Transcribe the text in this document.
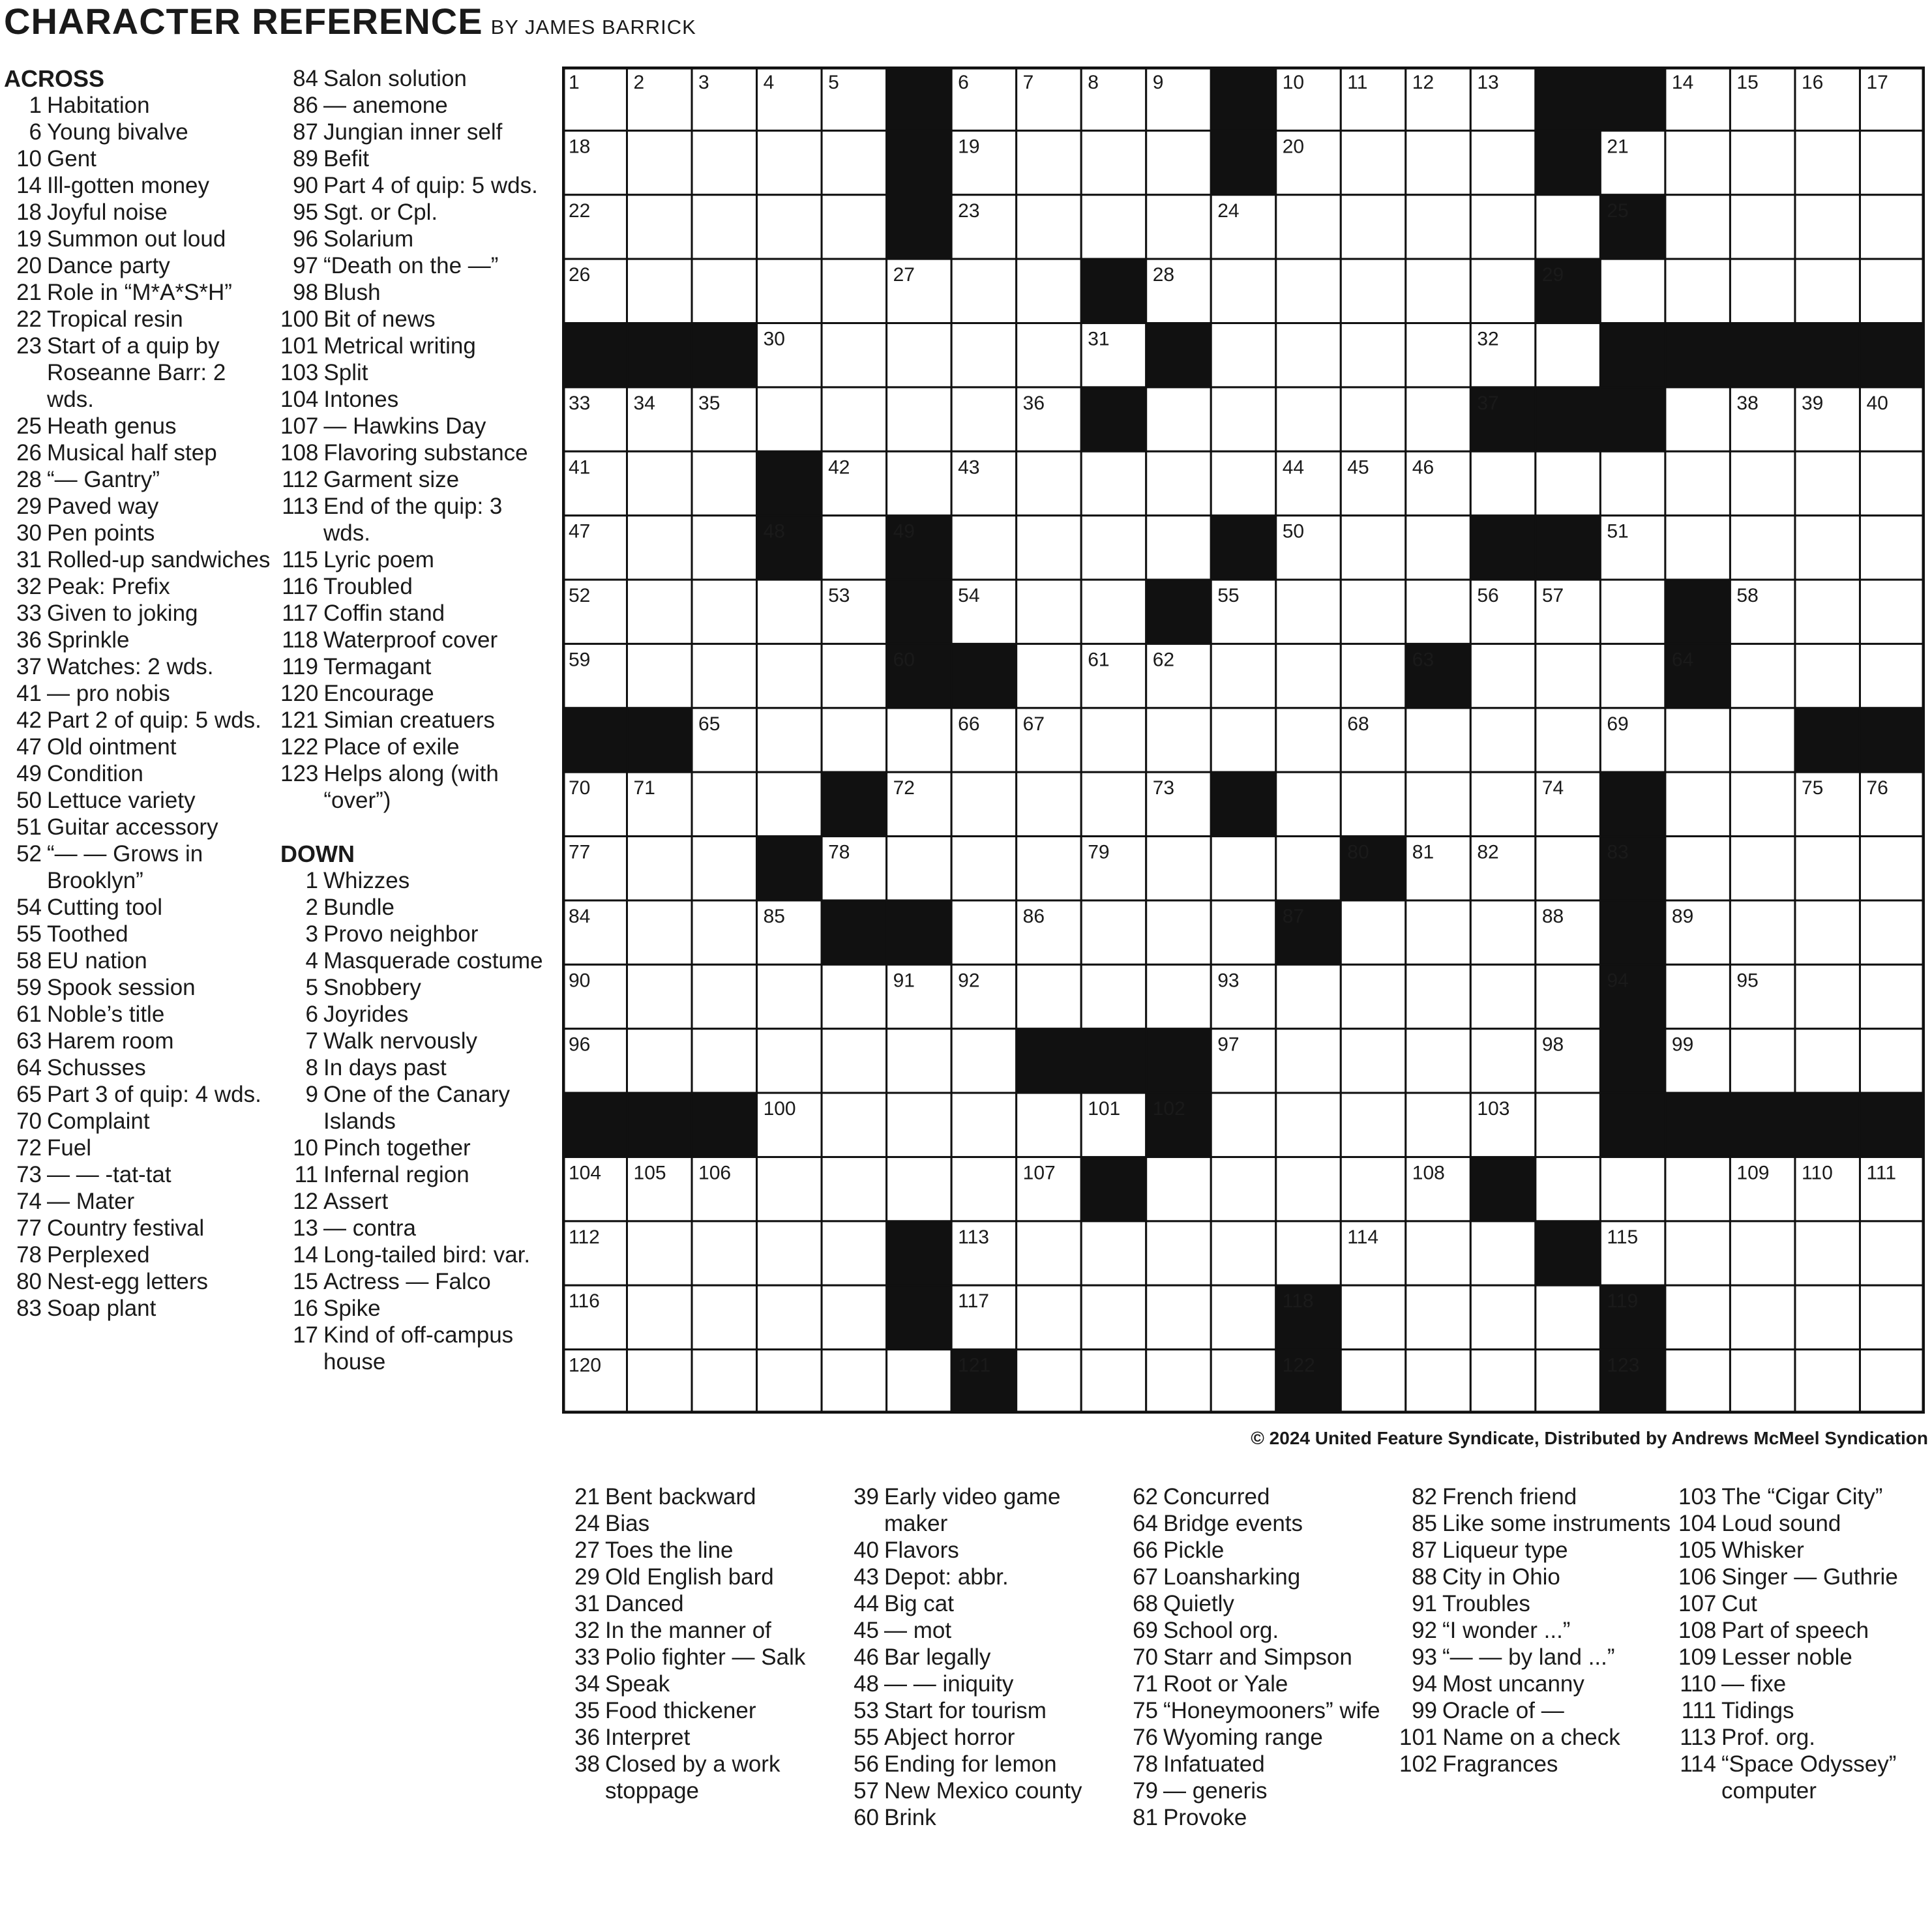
CHARACTER REFERENCE BY JAMES BARRICK
ACROSS
1 Habitation
6 Young bivalve
10 Gent
14 Ill-gotten money
18 Joyful noise
19 Summon out loud
20 Dance party
21 Role in “M*A*S*H”
22 Tropical resin
23 Start of a quip by Roseanne Barr: 2 wds.
25 Heath genus
26 Musical half step
28 “— Gantry”
29 Paved way
30 Pen points
31 Rolled-up sandwiches
32 Peak: Prefix
33 Given to joking
36 Sprinkle
37 Watches: 2 wds.
41 — pro nobis
42 Part 2 of quip: 5 wds.
47 Old ointment
49 Condition
50 Lettuce variety
51 Guitar accessory
52 “— — Grows in Brooklyn”
54 Cutting tool
55 Toothed
58 EU nation
59 Spook session
61 Noble’s title
63 Harem room
64 Schusses
65 Part 3 of quip: 4 wds.
70 Complaint
72 Fuel
73 — — -tat-tat
74 — Mater
77 Country festival
78 Perplexed
80 Nest-egg letters
83 Soap plant
84 Salon solution
86 — anemone
87 Jungian inner self
89 Befit
90 Part 4 of quip: 5 wds.
95 Sgt. or Cpl.
96 Solarium
97 “Death on the —”
98 Blush
100 Bit of news
101 Metrical writing
103 Split
104 Intones
107 — Hawkins Day
108 Flavoring substance
112 Garment size
113 End of the quip: 3 wds.
115 Lyric poem
116 Troubled
117 Coffin stand
118 Waterproof cover
119 Termagant
120 Encourage
121 Simian creatuers
122 Place of exile
123 Helps along (with “over”)
DOWN
1 Whizzes
2 Bundle
3 Provo neighbor
4 Masquerade costume
5 Snobbery
6 Joyrides
7 Walk nervously
8 In days past
9 One of the Canary Islands
10 Pinch together
11 Infernal region
12 Assert
13 — contra
14 Long-tailed bird: var.
15 Actress — Falco
16 Spike
17 Kind of off-campus house
1	2	3	4	5	6	7	8	9	10 11 12 13	14 15 16 17
18	19	20	21
22	23	24	25
26	27	28	29
30	31	32
33 34 35	36	37	38 39 40
41	42	43	44 45 46
47	48	49	50	51
52	53	54	55	56 57	58
59	60	61 62	63	64
65	66 67	68	69
70 71	72	73	74	75 76
77	78	79	80 81 82	83
84	85	86	87	88	89
90	91 92	93	94	95
96	97	98	99
100	101 102	103
104 105 106	107	108	109 110 111
112	113	114	115
116	117	118	119
120	121	122	123
© 2024 United Feature Syndicate, Distributed by Andrews McMeel Syndication
21 Bent backward
24 Bias
27 Toes the line
29 Old English bard
31 Danced
32 In the manner of
33 Polio fighter — Salk
34 Speak
35 Food thickener
36 Interpret
38 Closed by a work stoppage
39 Early video game maker
40 Flavors
43 Depot: abbr.
44 Big cat
45 — mot
46 Bar legally
48 — — iniquity
53 Start for tourism
55 Abject horror
56 Ending for lemon
57 New Mexico county
60 Brink
62 Concurred
64 Bridge events
66 Pickle
67 Loansharking
68 Quietly
69 School org.
70 Starr and Simpson
71 Root or Yale
75 “Honeymooners” wife
76 Wyoming range
78 Infatuated
79 — generis
81 Provoke
82 French friend
85 Like some instruments
87 Liqueur type
88 City in Ohio
91 Troubles
92 “I wonder ...”
93 “— — by land ...”
94 Most uncanny
99 Oracle of —
101 Name on a check
102 Fragrances
103 The “Cigar City”
104 Loud sound
105 Whisker
106 Singer — Guthrie
107 Cut
108 Part of speech
109 Lesser noble
110 — fixe
111 Tidings
113 Prof. org.
114 “Space Odyssey” computer
